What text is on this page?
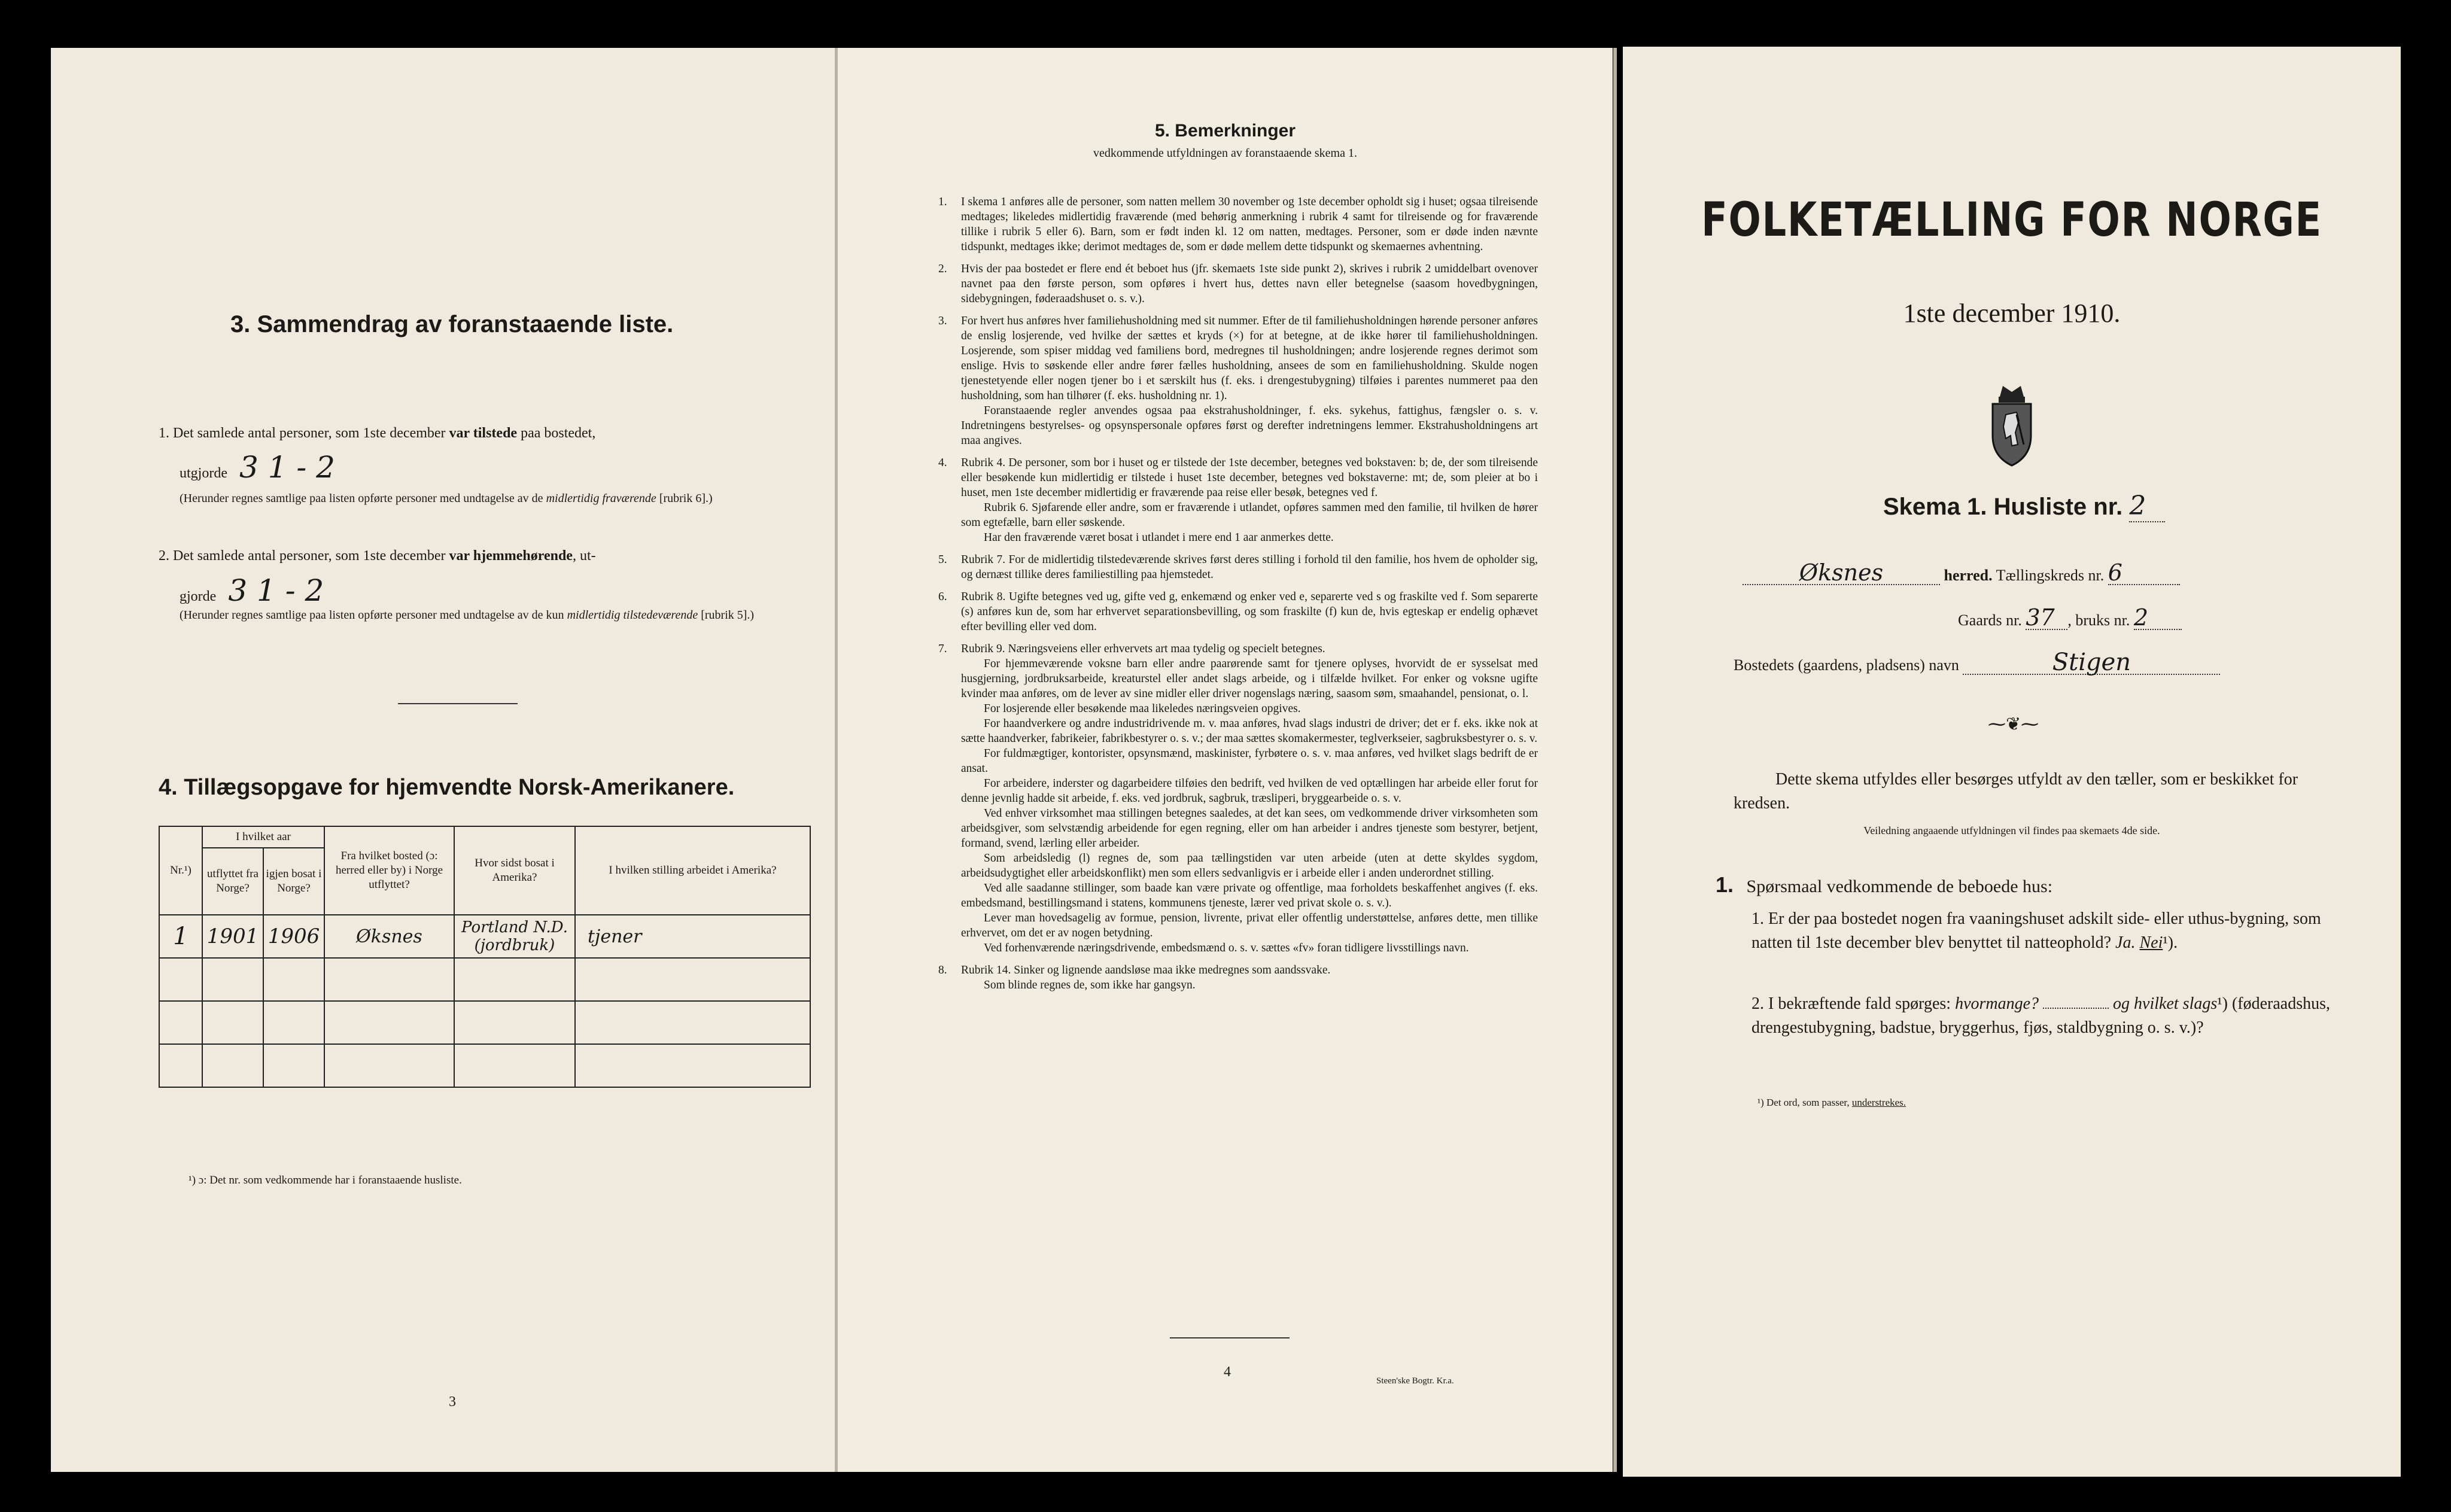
3. Sammendrag av foranstaaende liste.
1. Det samlede antal personer, som 1ste december var tilstede paa bostedet,
utgjorde 3 1 - 2
(Herunder regnes samtlige paa listen opførte personer med undtagelse av de midlertidig fraværende [rubrik 6].)
2. Det samlede antal personer, som 1ste december var hjemmehørende, ut-
gjorde 3 1 - 2
(Herunder regnes samtlige paa listen opførte personer med undtagelse av de kun midlertidig tilstedeværende [rubrik 5].)
4. Tillægsopgave for hjemvendte Norsk-Amerikanere.
Nr.¹)	I hvilket aar		Fra hvilket bosted (ɔ: herred eller by) i Norge utflyttet?	Hvor sidst bosat i Amerika?	I hvilken stilling arbeidet i Amerika?
	utflyttet fra Norge?	igjen bosat i Norge?			
1	1901	1906	Øksnes	Portland N.D. (jordbruk)	tjener

¹) ɔ: Det nr. som vedkommende har i foranstaaende husliste.
3
5. Bemerkninger
vedkommende utfyldningen av foranstaaende skema 1.
1.	I skema 1 anføres alle de personer, som natten mellem 30 november og 1ste december opholdt sig i huset; ogsaa tilreisende medtages; likeledes midlertidig fraværende (med behørig anmerkning i rubrik 4 samt for tilreisende og for fraværende tillike i rubrik 5 eller 6). Barn, som er født inden kl. 12 om natten, medtages. Personer, som er døde inden nævnte tidspunkt, medtages ikke; derimot medtages de, som er døde mellem dette tidspunkt og skemaernes avhentning.

2.	Hvis der paa bostedet er flere end ét beboet hus (jfr. skemaets 1ste side punkt 2), skrives i rubrik 2 umiddelbart ovenover navnet paa den første person, som opføres i hvert hus, dettes navn eller betegnelse (saasom hovedbygningen, sidebygningen, føderaadshuset o. s. v.).

3.	For hvert hus anføres hver familiehusholdning med sit nummer. Efter de til familiehusholdningen hørende personer anføres de enslig losjerende, ved hvilke der sættes et kryds (×) for at betegne, at de ikke hører til familiehusholdningen. Losjerende, som spiser middag ved familiens bord, medregnes til husholdningen; andre losjerende regnes derimot som enslige. Hvis to søskende eller andre fører fælles husholdning, ansees de som en familiehusholdning. Skulde nogen tjenestetyende eller nogen tjener bo i et særskilt hus (f. eks. i drengestubygning) tilføies i parentes nummeret paa den husholdning, som han tilhører (f. eks. husholdning nr. 1).

Foranstaaende regler anvendes ogsaa paa ekstrahusholdninger, f. eks. sykehus, fattighus, fængsler o. s. v. Indretningens bestyrelses- og opsynspersonale opføres først og derefter indretningens lemmer. Ekstrahusholdningens art maa angives.

4.	Rubrik 4. De personer, som bor i huset og er tilstede der 1ste december, betegnes ved bokstaven: b; de, der som tilreisende eller besøkende kun midlertidig er tilstede i huset 1ste december, betegnes ved bokstaverne: mt; de, som pleier at bo i huset, men 1ste december midlertidig er fraværende paa reise eller besøk, betegnes ved f.

Rubrik 6. Sjøfarende eller andre, som er fraværende i utlandet, opføres sammen med den familie, til hvilken de hører som egtefælle, barn eller søskende.

Har den fraværende været bosat i utlandet i mere end 1 aar anmerkes dette.

5.	Rubrik 7. For de midlertidig tilstedeværende skrives først deres stilling i forhold til den familie, hos hvem de opholder sig, og dernæst tillike deres familiestilling paa hjemstedet.

6.	Rubrik 8. Ugifte betegnes ved ug, gifte ved g, enkemænd og enker ved e, separerte ved s og fraskilte ved f. Som separerte (s) anføres kun de, som har erhvervet separationsbevilling, og som fraskilte (f) kun de, hvis egteskap er endelig ophævet efter bevilling eller ved dom.

7.	Rubrik 9. Næringsveiens eller erhvervets art maa tydelig og specielt betegnes.

For hjemmeværende voksne barn eller andre paarørende samt for tjenere oplyses, hvorvidt de er sysselsat med husgjerning, jordbruksarbeide, kreaturstel eller andet slags arbeide, og i tilfælde hvilket. For enker og voksne ugifte kvinder maa anføres, om de lever av sine midler eller driver nogenslags næring, saasom søm, smaahandel, pensionat, o. l.

For losjerende eller besøkende maa likeledes næringsveien opgives.

For haandverkere og andre industridrivende m. v. maa anføres, hvad slags industri de driver; det er f. eks. ikke nok at sætte haandverker, fabrikeier, fabrikbestyrer o. s. v.; der maa sættes skomakermester, teglverkseier, sagbruksbestyrer o. s. v.

For fuldmægtiger, kontorister, opsynsmænd, maskinister, fyrbøtere o. s. v. maa anføres, ved hvilket slags bedrift de er ansat.

For arbeidere, inderster og dagarbeidere tilføies den bedrift, ved hvilken de ved optællingen har arbeide eller forut for denne jevnlig hadde sit arbeide, f. eks. ved jordbruk, sagbruk, træsliperi, bryggearbeide o. s. v.

Ved enhver virksomhet maa stillingen betegnes saaledes, at det kan sees, om vedkommende driver virksomheten som arbeidsgiver, som selvstændig arbeidende for egen regning, eller om han arbeider i andres tjeneste som bestyrer, betjent, formand, svend, lærling eller arbeider.

Som arbeidsledig (l) regnes de, som paa tællingstiden var uten arbeide (uten at dette skyldes sygdom, arbeidsudygtighet eller arbeidskonflikt) men som ellers sedvanligvis er i arbeide eller i anden underordnet stilling.

Ved alle saadanne stillinger, som baade kan være private og offentlige, maa forholdets beskaffenhet angives (f. eks. embedsmand, bestillingsmand i statens, kommunens tjeneste, lærer ved privat skole o. s. v.).

Lever man hovedsagelig av formue, pension, livrente, privat eller offentlig understøttelse, anføres dette, men tillike erhvervet, om det er av nogen betydning.

Ved forhenværende næringsdrivende, embedsmænd o. s. v. sættes «fv» foran tidligere livsstillings navn.

8.	Rubrik 14. Sinker og lignende aandsløse maa ikke medregnes som aandssvake.

Som blinde regnes de, som ikke har gangsyn.

4
Steen'ske Bogtr. Kr.a.
FOLKETÆLLING FOR NORGE
1ste december 1910.
Skema 1. Husliste nr. 2
Øksnes	herred. Tællingskreds nr. 6
Gaards nr. 37 , bruks nr. 2
Bostedets (gaardens, pladsens) navn	Stigen
⁓❦⁓
Dette skema utfyldes eller besørges utfyldt av den tæller, som er beskikket for kredsen.
Veiledning angaaende utfyldningen vil findes paa skemaets 4de side.
1. Spørsmaal vedkommende de beboede hus:
1. Er der paa bostedet nogen fra vaaningshuset adskilt side- eller uthus-bygning, som natten til 1ste december blev benyttet til natteophold? Ja. Nei¹).
2. I bekræftende fald spørges: hvormange?	og hvilket slags¹) (føderaadshus, drengestubygning, badstue, bryggerhus, fjøs, staldbygning o. s. v.)?
¹) Det ord, som passer, understrekes.
